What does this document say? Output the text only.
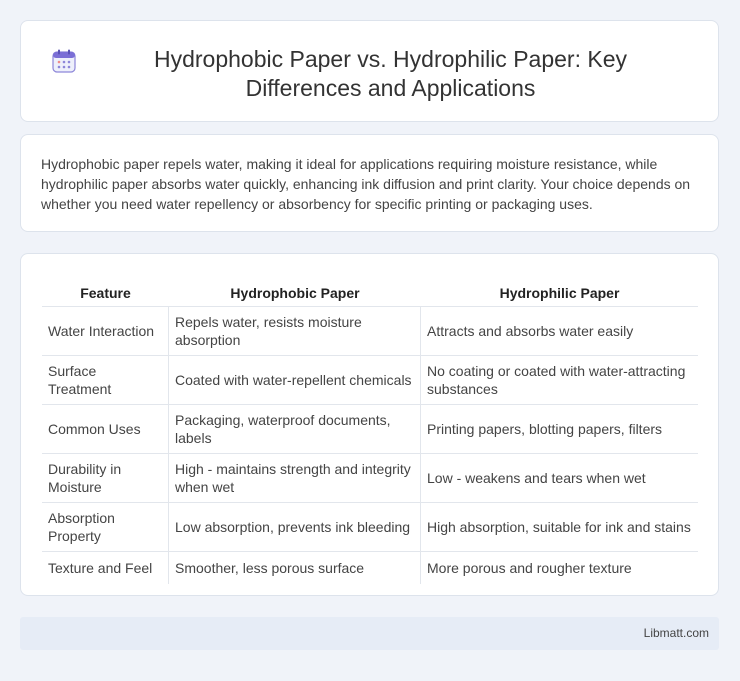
Hydrophobic Paper vs. Hydrophilic Paper: Key Differences and Applications

Hydrophobic paper repels water, making it ideal for applications requiring moisture resistance, while hydrophilic paper absorbs water quickly, enhancing ink diffusion and print clarity. Your choice depends on whether you need water repellency or absorbency for specific printing or packaging uses.

Feature	Hydrophobic Paper	Hydrophilic Paper
Water Interaction	Repels water, resists moisture absorption	Attracts and absorbs water easily
Surface Treatment	Coated with water-repellent chemicals	No coating or coated with water-attracting substances
Common Uses	Packaging, waterproof documents, labels	Printing papers, blotting papers, filters
Durability in Moisture	High - maintains strength and integrity when wet	Low - weakens and tears when wet
Absorption Property	Low absorption, prevents ink bleeding	High absorption, suitable for ink and stains
Texture and Feel	Smoother, less porous surface	More porous and rougher texture
Libmatt.com
